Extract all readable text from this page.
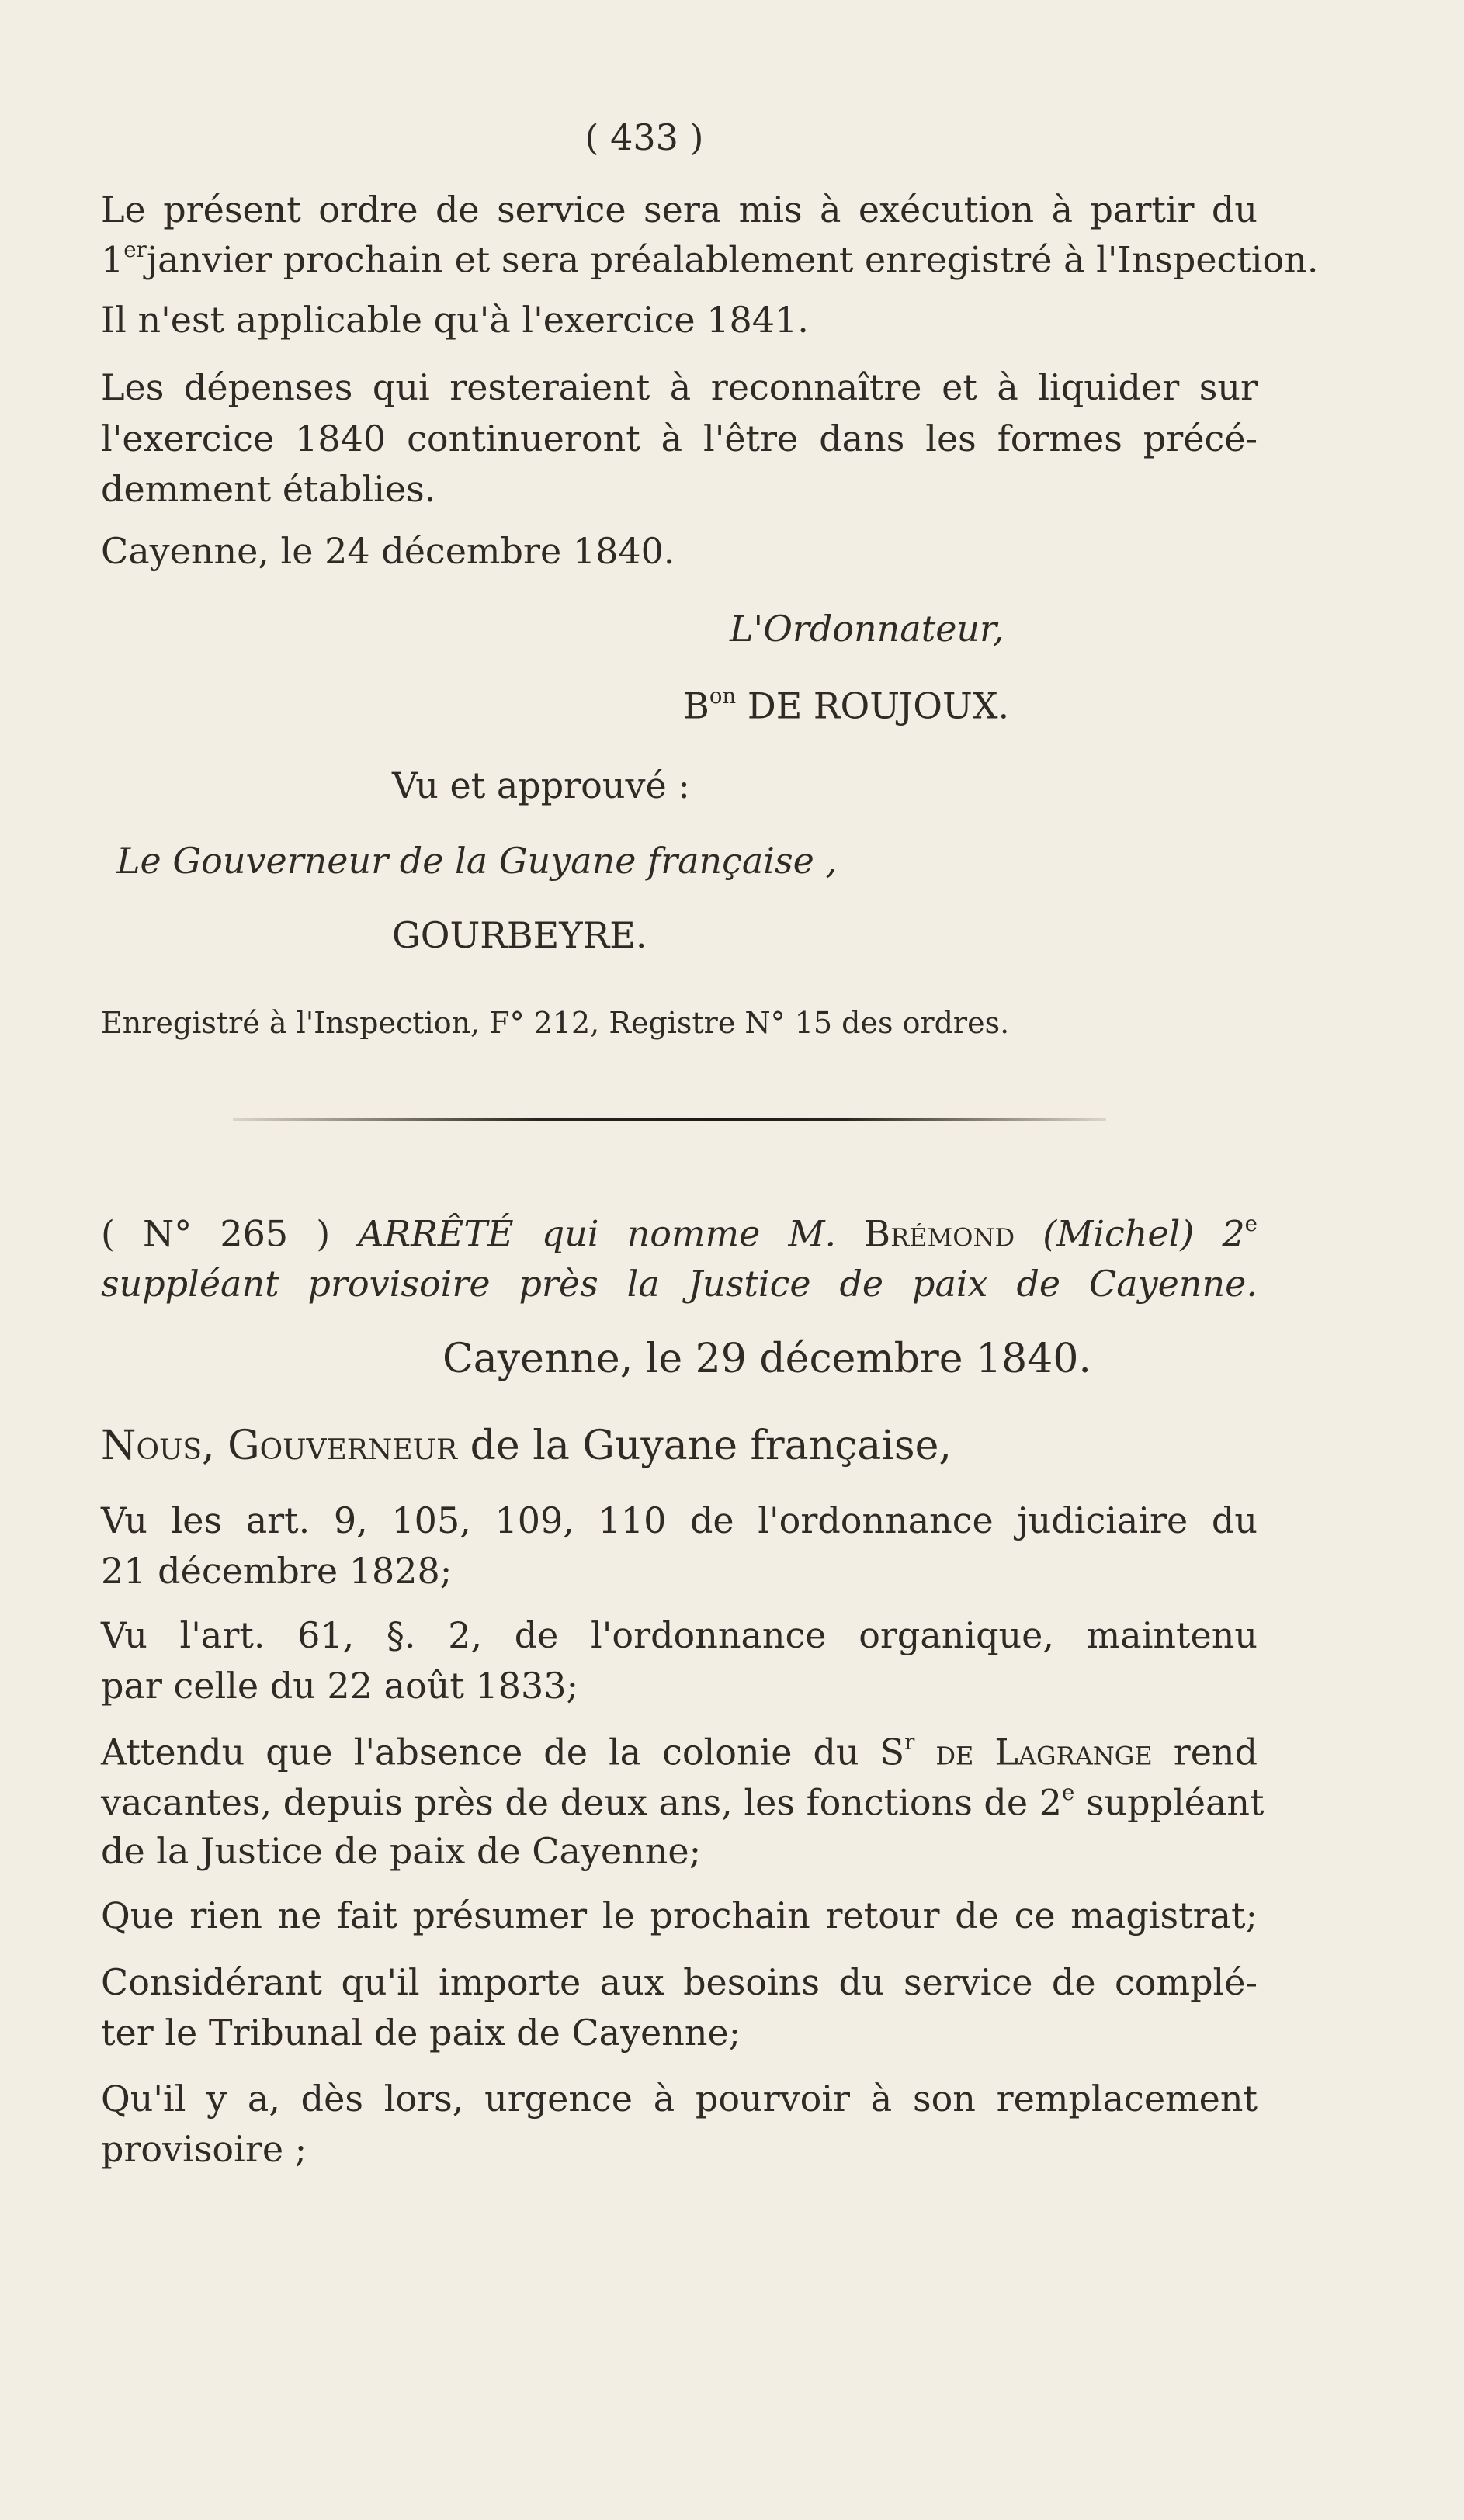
( 433 )
Le présent ordre de service sera mis à exécution à partir du
1erjanvier prochain et sera préalablement enregistré à l'Inspection.
Il n'est applicable qu'à l'exercice 1841.
Les dépenses qui resteraient à reconnaître et à liquider sur
l'exercice 1840 continueront à l'être dans les formes précé-
demment établies.
Cayenne, le 24 décembre 1840.
L'Ordonnateur,
$B^{on}$ DE ROUJOUX.
Vu et approuvé :
Le Gouverneur de la Guyane française ,
GOURBEYRE.
Enregistré à l'Inspection, F° 212, Registre N° 15 des ordres.
( N° 265 ) ARRÊTÉ qui nomme M. Brémond (Michel) 2e
suppléant provisoire près la Justice de paix de Cayenne.
Cayenne, le 29 décembre 1840.
Nous, Gouverneur de la Guyane française,
Vu les art. 9, 105, 109, 110 de l'ordonnance judiciaire du
21 décembre 1828;
Vu l'art. 61, §. 2, de l'ordonnance organique, maintenu
par celle du 22 août 1833;
Attendu que l'absence de la colonie du $S^r$ de Lagrange rend
vacantes, depuis près de deux ans, les fonctions de 2e suppléant
de la Justice de paix de Cayenne;
Que rien ne fait présumer le prochain retour de ce magistrat;
Considérant qu'il importe aux besoins du service de complé-
ter le Tribunal de paix de Cayenne;
Qu'il y a, dès lors, urgence à pourvoir à son remplacement
provisoire ;
